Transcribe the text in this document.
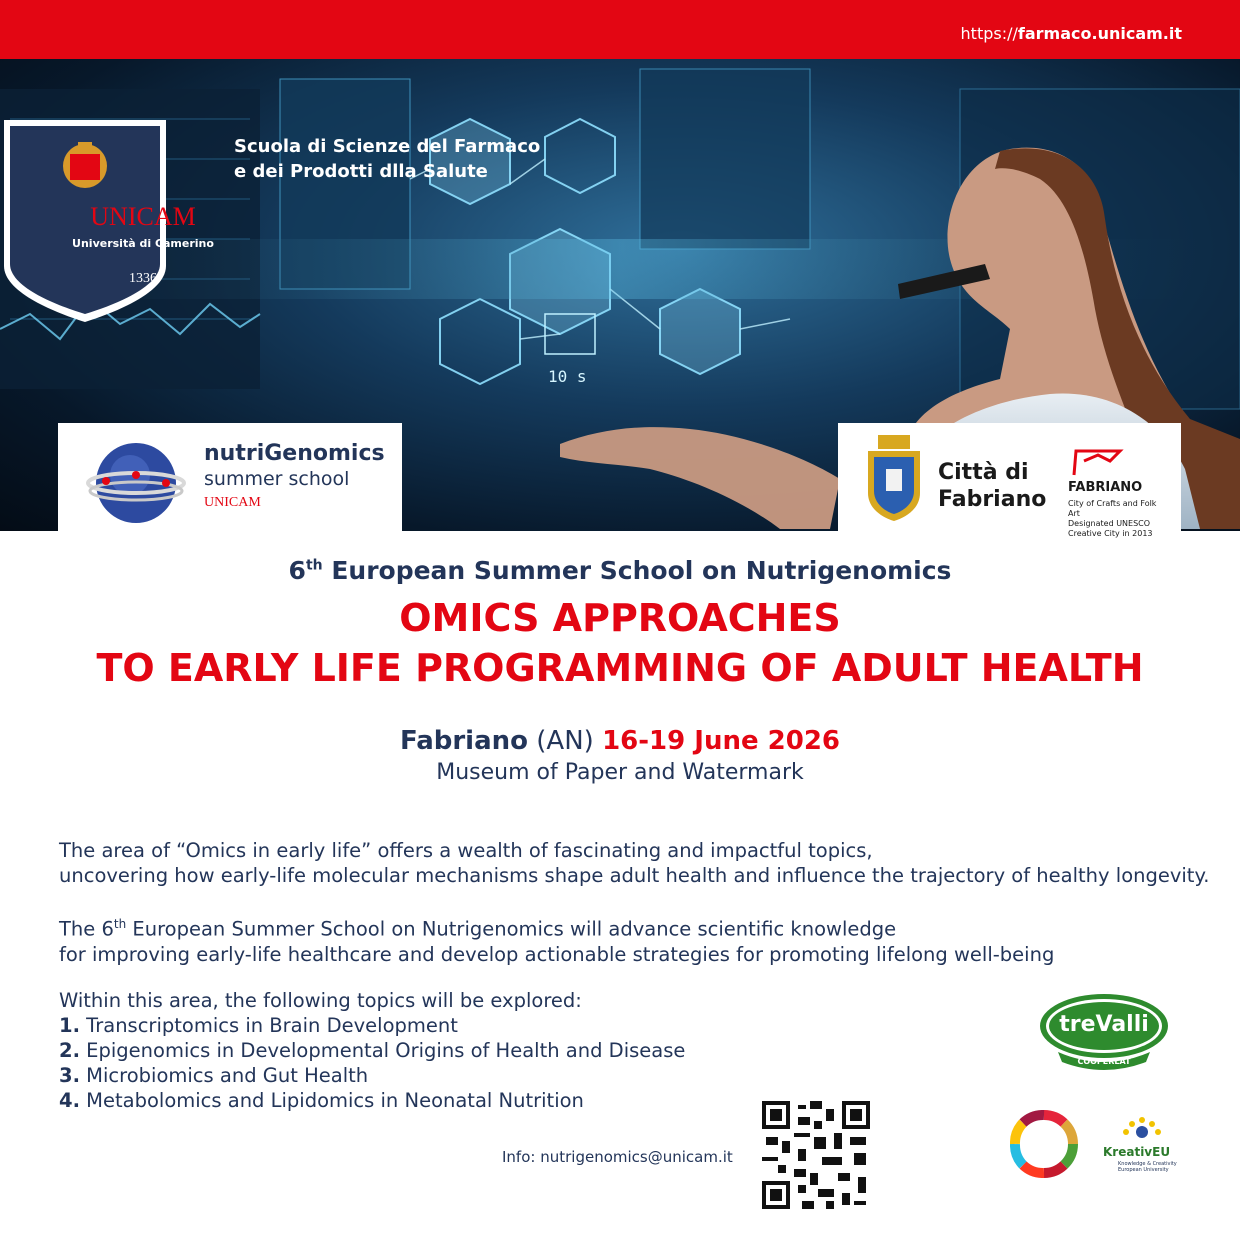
https://farmaco.unicam.it
10 s
UNICAM
Università di Camerino
1336
Scuola di Scienze del Farmaco
e dei Prodotti dlla Salute
nutriGenomics
summer school
UNICAM
Città di
Fabriano FABRIANO
City of Crafts and Folk Art
Designated UNESCO
Creative City in 2013
6th European Summer School on Nutrigenomics
OMICS APPROACHES
TO EARLY LIFE PROGRAMMING OF ADULT HEALTH
Fabriano (AN) 16-19 June 2026
Museum of Paper and Watermark
The area of “Omics in early life” offers a wealth of fascinating and impactful topics,
uncovering how early-life molecular mechanisms shape adult health and influence the trajectory of healthy longevity.
The 6th European Summer School on Nutrigenomics will advance scientific knowledge
for improving early-life healthcare and develop actionable strategies for promoting lifelong well-being
Within this area, the following topics will be explored:
1. Transcriptomics in Brain Development
2. Epigenomics in Developmental Origins of Health and Disease
3. Microbiomics and Gut Health
4. Metabolomics and Lipidomics in Neonatal Nutrition
Info: nutrigenomics@unicam.it
treValli
COOPERLAT
KreativEU
Knowledge & Creativity European University
